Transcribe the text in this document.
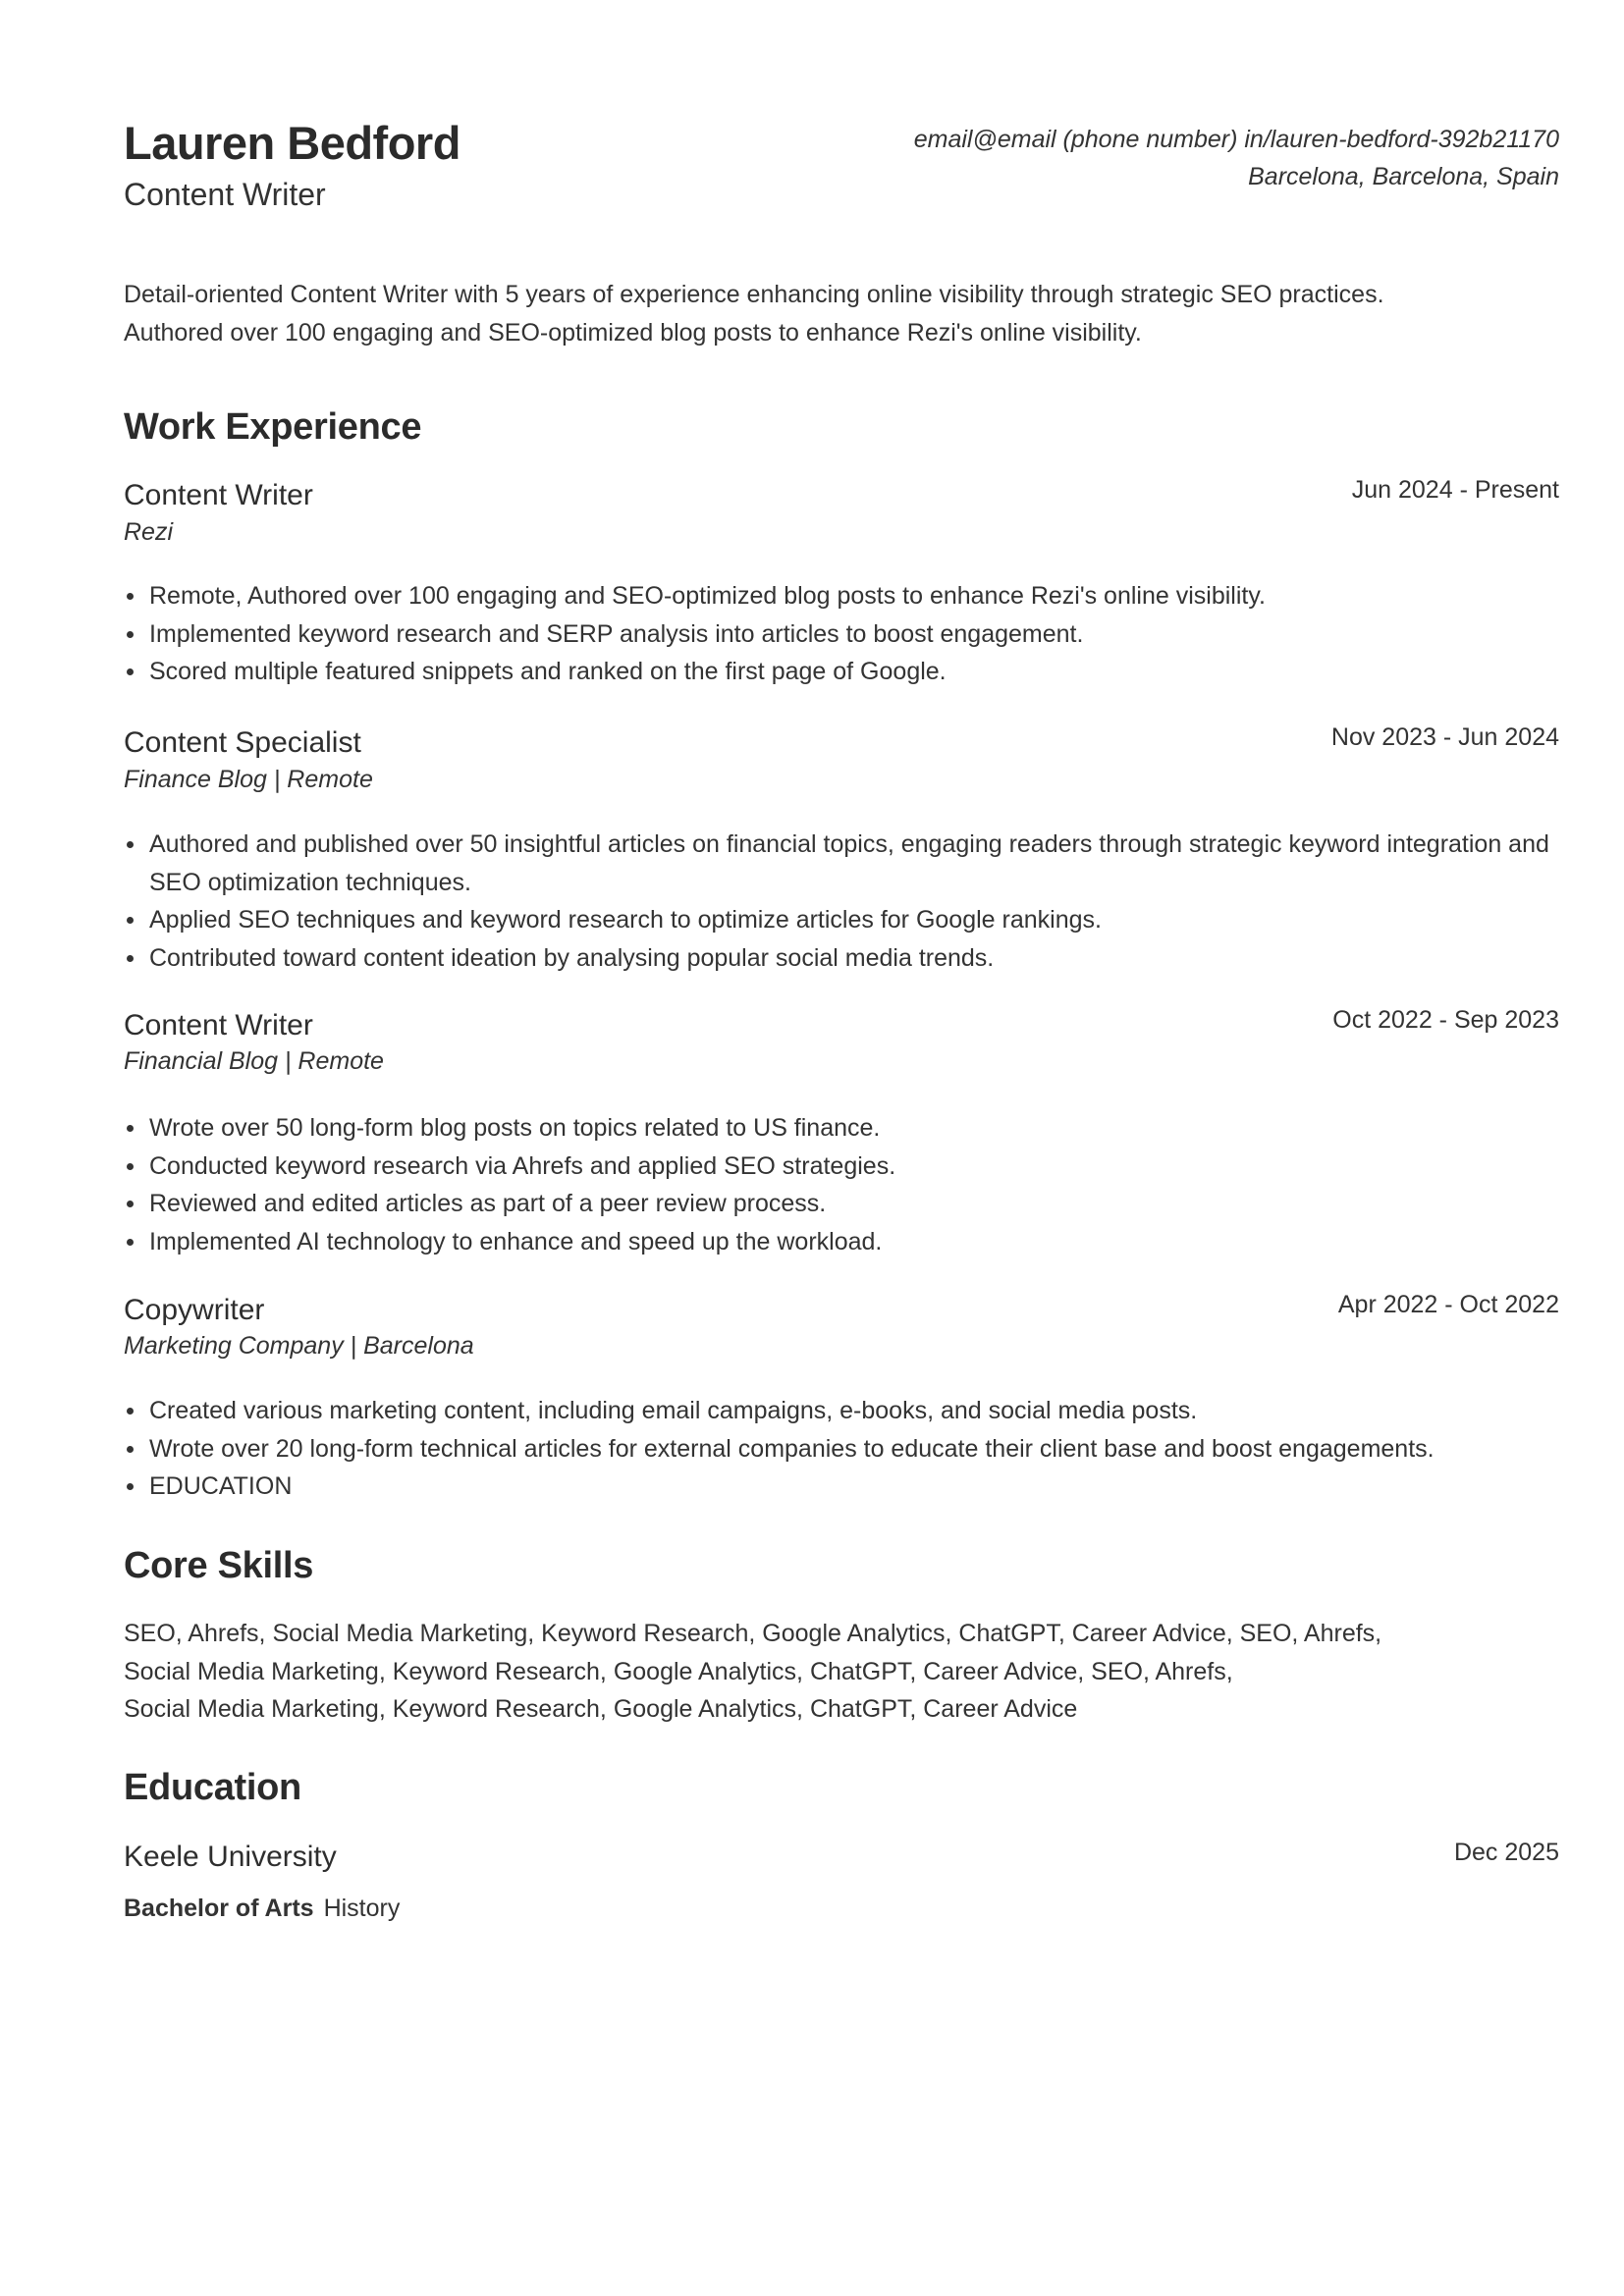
Lauren Bedford
Content Writer
email@email (phone number) in/lauren-bedford-392b21170
Barcelona, Barcelona, Spain
Detail-oriented Content Writer with 5 years of experience enhancing online visibility through strategic SEO practices.
Authored over 100 engaging and SEO-optimized blog posts to enhance Rezi's online visibility.
Work Experience
Content Writer	Jun 2024 - Present
Rezi
Remote, Authored over 100 engaging and SEO-optimized blog posts to enhance Rezi's online visibility.
Implemented keyword research and SERP analysis into articles to boost engagement.
Scored multiple featured snippets and ranked on the first page of Google.
Content Specialist	Nov 2023 - Jun 2024
Finance Blog | Remote
Authored and published over 50 insightful articles on financial topics, engaging readers through strategic keyword integration and SEO optimization techniques.
Applied SEO techniques and keyword research to optimize articles for Google rankings.
Contributed toward content ideation by analysing popular social media trends.
Content Writer	Oct 2022 - Sep 2023
Financial Blog | Remote
Wrote over 50 long-form blog posts on topics related to US finance.
Conducted keyword research via Ahrefs and applied SEO strategies.
Reviewed and edited articles as part of a peer review process.
Implemented AI technology to enhance and speed up the workload.
Copywriter	Apr 2022 - Oct 2022
Marketing Company | Barcelona
Created various marketing content, including email campaigns, e-books, and social media posts.
Wrote over 20 long-form technical articles for external companies to educate their client base and boost engagements.
EDUCATION
Core Skills
SEO, Ahrefs, Social Media Marketing, Keyword Research, Google Analytics, ChatGPT, Career Advice, SEO, Ahrefs,
Social Media Marketing, Keyword Research, Google Analytics, ChatGPT, Career Advice, SEO, Ahrefs,
Social Media Marketing, Keyword Research, Google Analytics, ChatGPT, Career Advice
Education
Keele University	Dec 2025
Bachelor of Arts History
